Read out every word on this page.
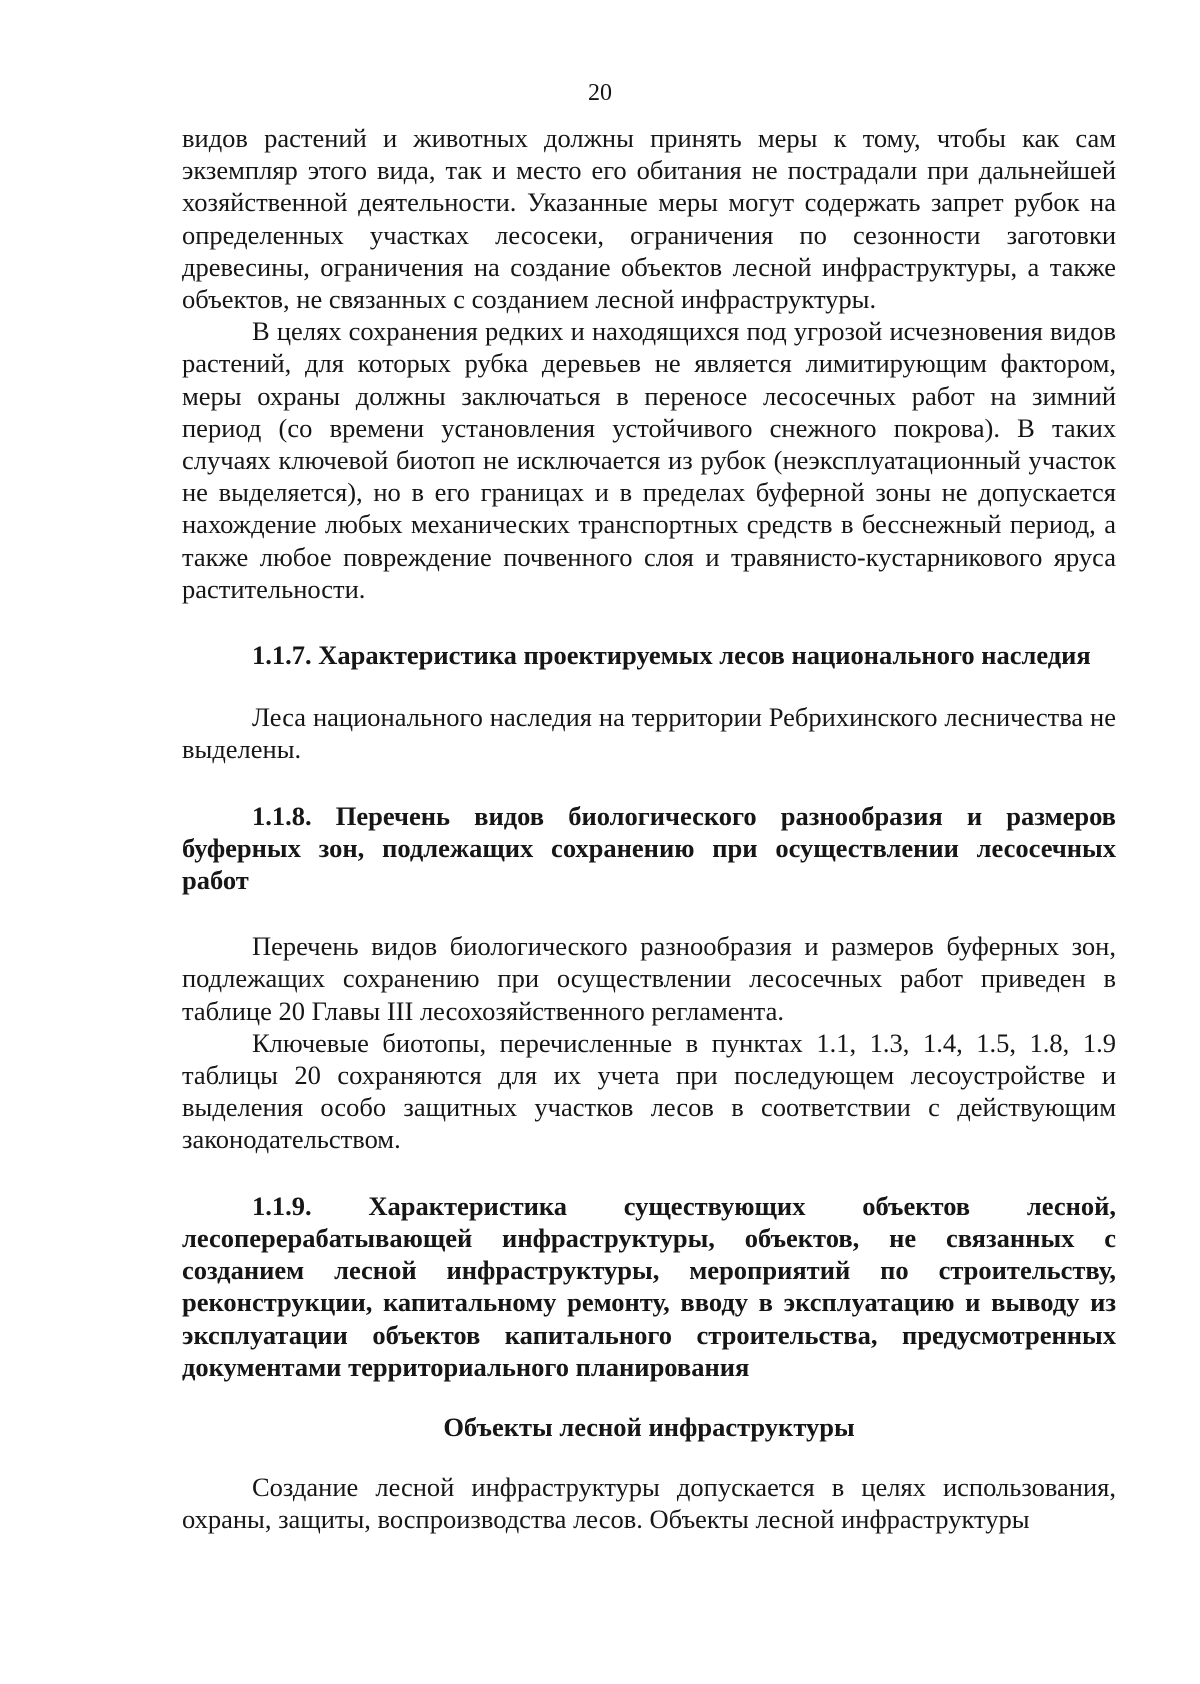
20

видов растений и животных должны принять меры к тому, чтобы как сам экземпляр этого вида, так и место его обитания не пострадали при дальнейшей хозяйственной деятельности. Указанные меры могут содержать запрет рубок на определенных участках лесосеки, ограничения по сезонности заготовки древесины, ограничения на создание объектов лесной инфраструктуры, а также объектов, не связанных с созданием лесной инфраструктуры.

В целях сохранения редких и находящихся под угрозой исчезновения видов растений, для которых рубка деревьев не является лимитирующим фактором, меры охраны должны заключаться в переносе лесосечных работ на зимний период (со времени установления устойчивого снежного покрова). В таких случаях ключевой биотоп не исключается из рубок (неэксплуатационный участок не выделяется), но в его границах и в пределах буферной зоны не допускается нахождение любых механических транспортных средств в бесснежный период, а также любое повреждение почвенного слоя и травянисто-кустарникового яруса растительности.

1.1.7. Характеристика проектируемых лесов национального наследия

Леса национального наследия на территории Ребрихинского лесничества не выделены.

1.1.8. Перечень видов биологического разнообразия и размеров буферных зон, подлежащих сохранению при осуществлении лесосечных работ

Перечень видов биологического разнообразия и размеров буферных зон, подлежащих сохранению при осуществлении лесосечных работ приведен в таблице 20 Главы III лесохозяйственного регламента.

Ключевые биотопы, перечисленные в пунктах 1.1, 1.3, 1.4, 1.5, 1.8, 1.9 таблицы 20 сохраняются для их учета при последующем лесоустройстве и выделения особо защитных участков лесов в соответствии с действующим законодательством.

1.1.9. Характеристика существующих объектов лесной, лесоперерабатывающей инфраструктуры, объектов, не связанных с созданием лесной инфраструктуры, мероприятий по строительству, реконструкции, капитальному ремонту, вводу в эксплуатацию и выводу из эксплуатации объектов капитального строительства, предусмотренных документами территориального планирования

Объекты лесной инфраструктуры

Создание лесной инфраструктуры допускается в целях использования, охраны, защиты, воспроизводства лесов. Объекты лесной инфраструктуры
